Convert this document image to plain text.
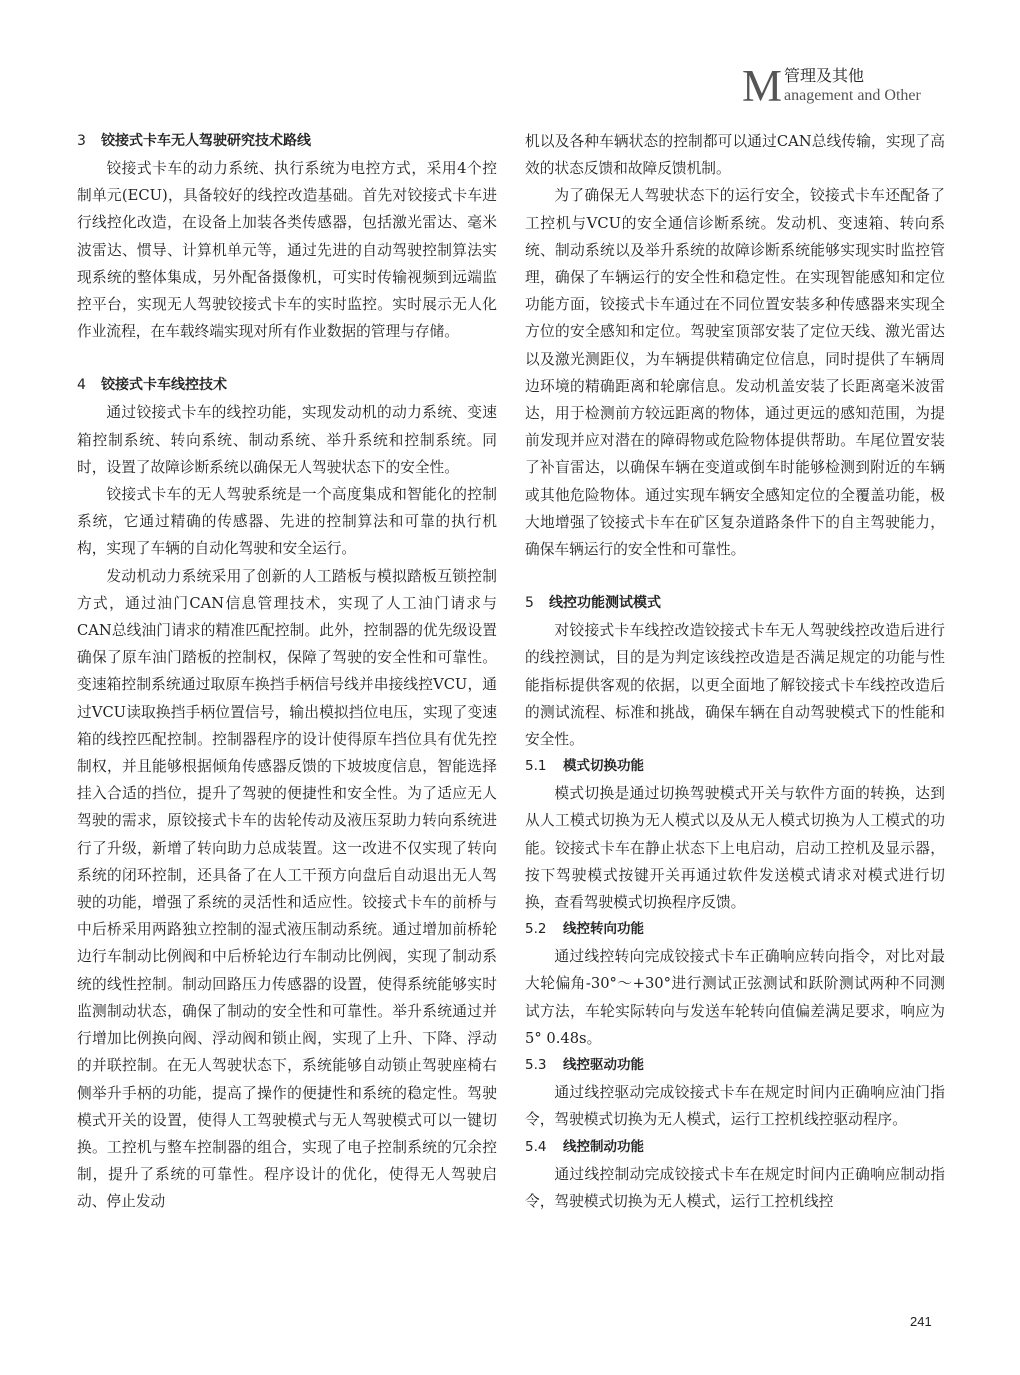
M 管理及其他
anagement and Other
3 铰接式卡车无人驾驶研究技术路线

铰接式卡车的动力系统、执行系统为电控方式，采用4个控制单元(ECU)，具备较好的线控改造基础。首先对铰接式卡车进行线控化改造，在设备上加装各类传感器，包括激光雷达、毫米波雷达、惯导、计算机单元等，通过先进的自动驾驶控制算法实现系统的整体集成，另外配备摄像机，可实时传输视频到远端监控平台，实现无人驾驶铰接式卡车的实时监控。实时展示无人化作业流程，在车载终端实现对所有作业数据的管理与存储。

4 铰接式卡车线控技术

通过铰接式卡车的线控功能，实现发动机的动力系统、变速箱控制系统、转向系统、制动系统、举升系统和控制系统。同时，设置了故障诊断系统以确保无人驾驶状态下的安全性。

铰接式卡车的无人驾驶系统是一个高度集成和智能化的控制系统，它通过精确的传感器、先进的控制算法和可靠的执行机构，实现了车辆的自动化驾驶和安全运行。

发动机动力系统采用了创新的人工踏板与模拟踏板互锁控制方式，通过油门CAN信息管理技术，实现了人工油门请求与CAN总线油门请求的精准匹配控制。此外，控制器的优先级设置确保了原车油门踏板的控制权，保障了驾驶的安全性和可靠性。变速箱控制系统通过取原车换挡手柄信号线并串接线控VCU，通过VCU读取换挡手柄位置信号，输出模拟挡位电压，实现了变速箱的线控匹配控制。控制器程序的设计使得原车挡位具有优先控制权，并且能够根据倾角传感器反馈的下坡坡度信息，智能选择挂入合适的挡位，提升了驾驶的便捷性和安全性。为了适应无人驾驶的需求，原铰接式卡车的齿轮传动及液压泵助力转向系统进行了升级，新增了转向助力总成装置。这一改进不仅实现了转向系统的闭环控制，还具备了在人工干预方向盘后自动退出无人驾驶的功能，增强了系统的灵活性和适应性。铰接式卡车的前桥与中后桥采用两路独立控制的湿式液压制动系统。通过增加前桥轮边行车制动比例阀和中后桥轮边行车制动比例阀，实现了制动系统的线性控制。制动回路压力传感器的设置，使得系统能够实时监测制动状态，确保了制动的安全性和可靠性。举升系统通过并行增加比例换向阀、浮动阀和锁止阀，实现了上升、下降、浮动的并联控制。在无人驾驶状态下，系统能够自动锁止驾驶座椅右侧举升手柄的功能，提高了操作的便捷性和系统的稳定性。驾驶模式开关的设置，使得人工驾驶模式与无人驾驶模式可以一键切换。工控机与整车控制器的组合，实现了电子控制系统的冗余控制，提升了系统的可靠性。程序设计的优化，使得无人驾驶启动、停止发动

机以及各种车辆状态的控制都可以通过CAN总线传输，实现了高效的状态反馈和故障反馈机制。

为了确保无人驾驶状态下的运行安全，铰接式卡车还配备了工控机与VCU的安全通信诊断系统。发动机、变速箱、转向系统、制动系统以及举升系统的故障诊断系统能够实现实时监控管理，确保了车辆运行的安全性和稳定性。在实现智能感知和定位功能方面，铰接式卡车通过在不同位置安装多种传感器来实现全方位的安全感知和定位。驾驶室顶部安装了定位天线、激光雷达以及激光测距仪，为车辆提供精确定位信息，同时提供了车辆周边环境的精确距离和轮廓信息。发动机盖安装了长距离毫米波雷达，用于检测前方较远距离的物体，通过更远的感知范围，为提前发现并应对潜在的障碍物或危险物体提供帮助。车尾位置安装了补盲雷达，以确保车辆在变道或倒车时能够检测到附近的车辆或其他危险物体。通过实现车辆安全感知定位的全覆盖功能，极大地增强了铰接式卡车在矿区复杂道路条件下的自主驾驶能力，确保车辆运行的安全性和可靠性。

5 线控功能测试模式

对铰接式卡车线控改造铰接式卡车无人驾驶线控改造后进行的线控测试，目的是为判定该线控改造是否满足规定的功能与性能指标提供客观的依据，以更全面地了解铰接式卡车线控改造后的测试流程、标准和挑战，确保车辆在自动驾驶模式下的性能和安全性。

5.1 模式切换功能

模式切换是通过切换驾驶模式开关与软件方面的转换，达到从人工模式切换为无人模式以及从无人模式切换为人工模式的功能。铰接式卡车在静止状态下上电启动，启动工控机及显示器，按下驾驶模式按键开关再通过软件发送模式请求对模式进行切换，查看驾驶模式切换程序反馈。

5.2 线控转向功能

通过线控转向完成铰接式卡车正确响应转向指令，对比对最大轮偏角-30°～+30°进行测试正弦测试和跃阶测试两种不同测试方法，车轮实际转向与发送车轮转向值偏差满足要求，响应为5° 0.48s。

5.3 线控驱动功能

通过线控驱动完成铰接式卡车在规定时间内正确响应油门指令，驾驶模式切换为无人模式，运行工控机线控驱动程序。

5.4 线控制动功能

通过线控制动完成铰接式卡车在规定时间内正确响应制动指令，驾驶模式切换为无人模式，运行工控机线控

241
